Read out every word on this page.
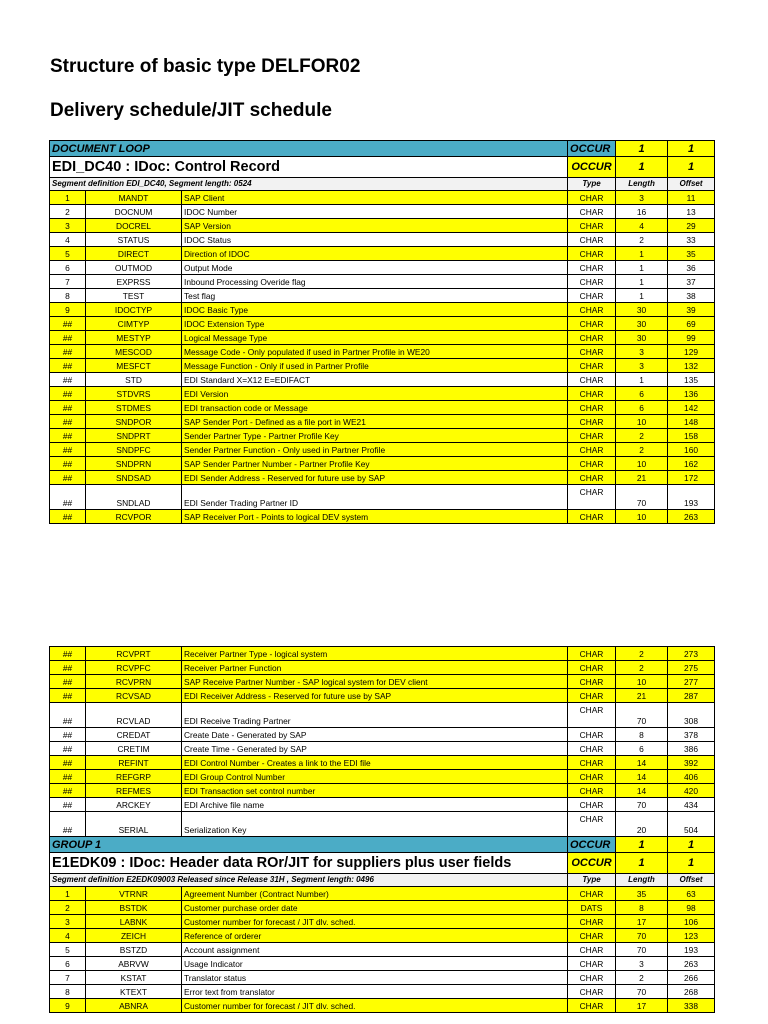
Structure of basic type DELFOR02
Delivery schedule/JIT schedule
DOCUMENT LOOP			OCCUR	1	1
EDI_DC40 : IDoc: Control Record			OCCUR	1	1
Segment definition EDI_DC40, Segment length: 0524			Type	Length	Offset
1	MANDT	SAP Client	CHAR	3	11
2	DOCNUM	IDOC Number	CHAR	16	13
3	DOCREL	SAP Version	CHAR	4	29
4	STATUS	IDOC Status	CHAR	2	33
5	DIRECT	Direction of IDOC	CHAR	1	35
6	OUTMOD	Output Mode	CHAR	1	36
7	EXPRSS	Inbound Processing Overide flag	CHAR	1	37
8	TEST	Test flag	CHAR	1	38
9	IDOCTYP	IDOC Basic Type	CHAR	30	39
##	CIMTYP	IDOC Extension Type	CHAR	30	69
##	MESTYP	Logical Message Type	CHAR	30	99
##	MESCOD	Message Code - Only populated if used in Partner Profile in WE20	CHAR	3	129
##	MESFCT	Message Function - Only if used in Partner Profile	CHAR	3	132
##	STD	EDI Standard X=X12 E=EDIFACT	CHAR	1	135
##	STDVRS	EDI Version	CHAR	6	136
##	STDMES	EDI transaction code or Message	CHAR	6	142
##	SNDPOR	SAP Sender Port - Defined as a file port in WE21	CHAR	10	148
##	SNDPRT	Sender Partner Type - Partner Profile Key	CHAR	2	158
##	SNDPFC	Sender Partner Function - Only used in Partner Profile	CHAR	2	160
##	SNDPRN	SAP Sender Partner Number - Partner Profile Key	CHAR	10	162
##	SNDSAD	EDI Sender Address - Reserved for future use by SAP	CHAR	21	172
##	SNDLAD	EDI Sender Trading Partner ID	CHAR	70	193
##	RCVPOR	SAP Receiver Port - Points to logical DEV system	CHAR	10	263
##	RCVPRT	Receiver Partner Type - logical system	CHAR	2	273
##	RCVPFC	Receiver Partner Function	CHAR	2	275
##	RCVPRN	SAP Receive Partner Number - SAP logical system for DEV client	CHAR	10	277
##	RCVSAD	EDI Receiver Address - Reserved for future use by SAP	CHAR	21	287
##	RCVLAD	EDI Receive Trading Partner	CHAR	70	308
##	CREDAT	Create Date - Generated by SAP	CHAR	8	378
##	CRETIM	Create Time - Generated by SAP	CHAR	6	386
##	REFINT	EDI Control Number - Creates a link to the EDI file	CHAR	14	392
##	REFGRP	EDI Group Control Number	CHAR	14	406
##	REFMES	EDI Transaction set control number	CHAR	14	420
##	ARCKEY	EDI Archive file name	CHAR	70	434
##	SERIAL	Serialization Key	CHAR	20	504
GROUP 1			OCCUR	1	1
E1EDK09 : IDoc: Header data ROr/JIT for suppliers plus user fields			OCCUR	1	1
Segment definition E2EDK09003 Released since Release 31H , Segment length: 0496			Type	Length	Offset
1	VTRNR	Agreement Number (Contract Number)	CHAR	35	63
2	BSTDK	Customer purchase order date	DATS	8	98
3	LABNK	Customer number for forecast / JIT dlv. sched.	CHAR	17	106
4	ZEICH	Reference of orderer	CHAR	70	123
5	BSTZD	Account assignment	CHAR	70	193
6	ABRVW	Usage Indicator	CHAR	3	263
7	KSTAT	Translator status	CHAR	2	266
8	KTEXT	Error text from translator	CHAR	70	268
9	ABNRA	Customer number for forecast / JIT dlv. sched.	CHAR	17	338
